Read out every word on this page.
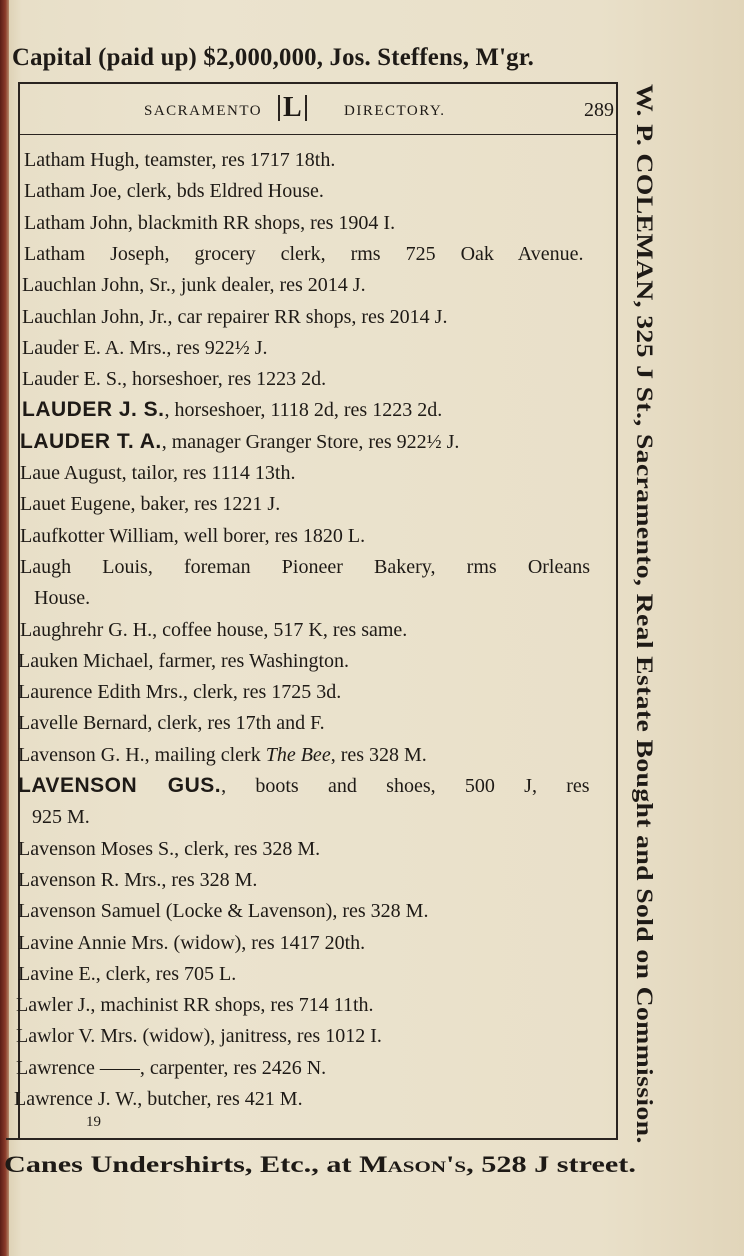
Capital (paid up) $2,000,000, Jos. Steffens, M'gr.
SACRAMENTO L	DIRECTORY.	289
Latham Hugh, teamster, res 1717 18th.
Latham Joe, clerk, bds Eldred House.
Latham John, blackmith RR shops, res 1904 I.
Latham Joseph, grocery clerk, rms 725 Oak Avenue.
Lauchlan John, Sr., junk dealer, res 2014 J.
Lauchlan John, Jr., car repairer RR shops, res 2014 J.
Lauder E. A. Mrs., res 922½ J.
Lauder E. S., horseshoer, res 1223 2d.
LAUDER J. S., horseshoer, 1118 2d, res 1223 2d.
LAUDER T. A., manager Granger Store, res 922½ J.
Laue August, tailor, res 1114 13th.
Lauet Eugene, baker, res 1221 J.
Laufkotter William, well borer, res 1820 L.
Laugh Louis, foreman Pioneer Bakery, rms Orleans
House.
Laughrehr G. H., coffee house, 517 K, res same.
Lauken Michael, farmer, res Washington.
Laurence Edith Mrs., clerk, res 1725 3d.
Lavelle Bernard, clerk, res 17th and F.
Lavenson G. H., mailing clerk The Bee, res 328 M.
LAVENSON GUS., boots and shoes, 500 J, res
925 M.
Lavenson Moses S., clerk, res 328 M.
Lavenson R. Mrs., res 328 M.
Lavenson Samuel (Locke & Lavenson), res 328 M.
Lavine Annie Mrs. (widow), res 1417 20th.
Lavine E., clerk, res 705 L.
Lawler J., machinist RR shops, res 714 11th.
Lawlor V. Mrs. (widow), janitress, res 1012 I.
Lawrence ——, carpenter, res 2426 N.
Lawrence J. W., butcher, res 421 M.	W. P. COLEMAN, 325 J St., Sacramento, Real Estate Bought and Sold on Commission.
19
Canes Undershirts, Etc., at Mason's, 528 J street.
